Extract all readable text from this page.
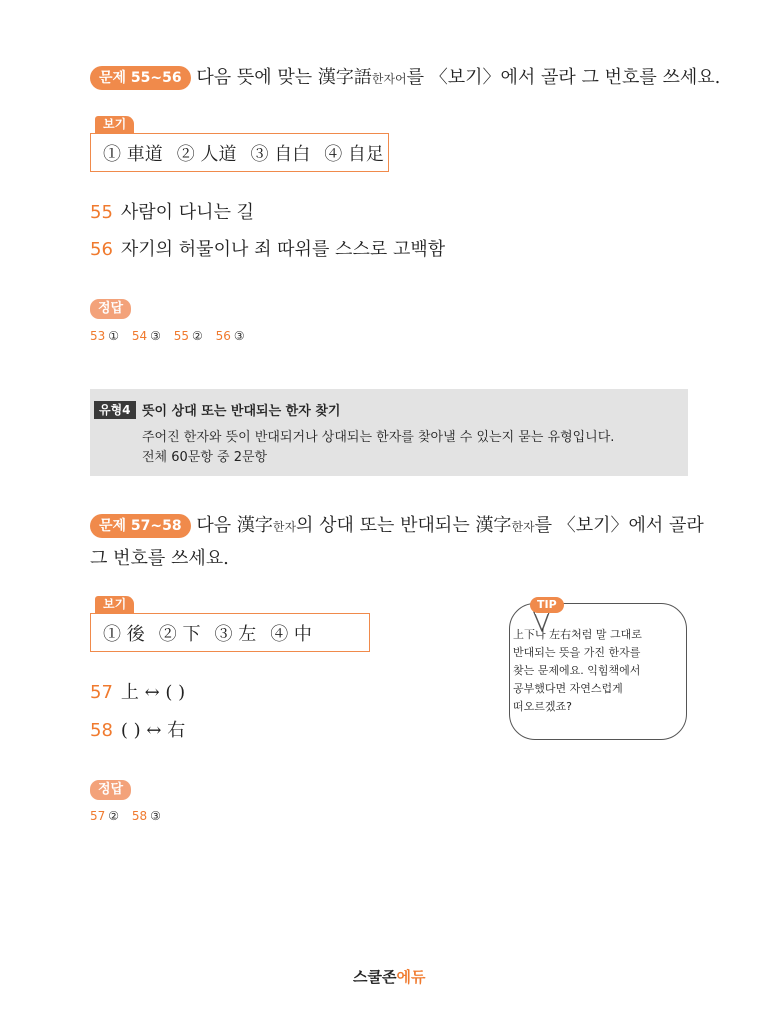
문제 55~56 다음 뜻에 맞는 漢字語한자어를 〈보기〉에서 골라 그 번호를 쓰세요.
보기
① 車道 ② 人道 ③ 自白 ④ 自足
55 사람이 다니는 길
56 자기의 허물이나 죄 따위를 스스로 고백함
정답
53 ① 54 ③ 55 ② 56 ③
유형4 뜻이 상대 또는 반대되는 한자 찾기
주어진 한자와 뜻이 반대되거나 상대되는 한자를 찾아낼 수 있는지 묻는 유형입니다.
전체 60문항 중 2문항
문제 57~58 다음 漢字한자의 상대 또는 반대되는 漢字한자를 〈보기〉에서 골라
그 번호를 쓰세요.
보기
① 後 ② 下 ③ 左 ④ 中
57 上 ↔ ( )
58 ( ) ↔ 右
정답
57 ② 58 ③
TIP
上下나 左右처럼 말 그대로
반대되는 뜻을 가진 한자를
찾는 문제에요. 익힘책에서
공부했다면 자연스럽게
떠오르겠죠?
스쿨존에듀
